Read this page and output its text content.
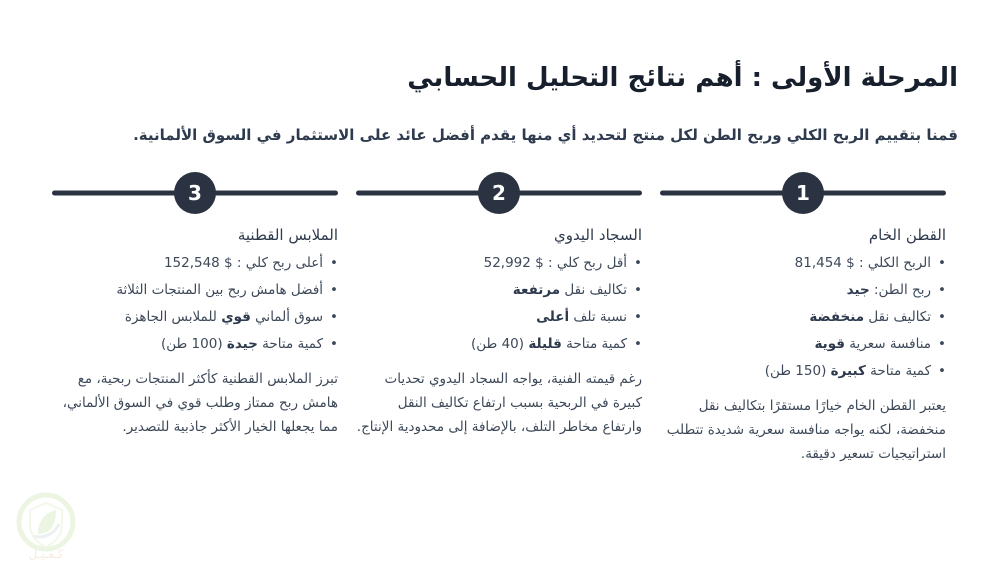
المرحلة الأولى : أهم نتائج التحليل الحسابي

قمنا بتقييم الربح الكلي وربح الطن لكل منتج لتحديد أي منها يقدم أفضل عائد على الاستثمار في السوق الألمانية.

1
القطن الخام
• الربح الكلي : $ 81,454
• ربح الطن: جيد
• تكاليف نقل منخفضة
• منافسة سعرية قوية
• كمية متاحة كبيرة (150 طن)

يعتبر القطن الخام خيارًا مستقرًا بتكاليف نقل منخفضة، لكنه يواجه منافسة سعرية شديدة تتطلب استراتيجيات تسعير دقيقة.

2
السجاد اليدوي
• أقل ربح كلي : $ 52,992
• تكاليف نقل مرتفعة
• نسبة تلف أعلى
• كمية متاحة قليلة (40 طن)

رغم قيمته الفنية، يواجه السجاد اليدوي تحديات كبيرة في الربحية بسبب ارتفاع تكاليف النقل وارتفاع مخاطر التلف، بالإضافة إلى محدودية الإنتاج.

3
الملابس القطنية
• أعلى ربح كلي : $ 152,548
• أفضل هامش ربح بين المنتجات الثلاثة
• سوق ألماني قوي للملابس الجاهزة
• كمية متاحة جيدة (100 طن)

تبرز الملابس القطنية كأكثر المنتجات ربحية، مع هامش ربح ممتاز وطلب قوي في السوق الألماني، مما يجعلها الخيار الأكثر جاذبية للتصدير.

كـفـيـل
